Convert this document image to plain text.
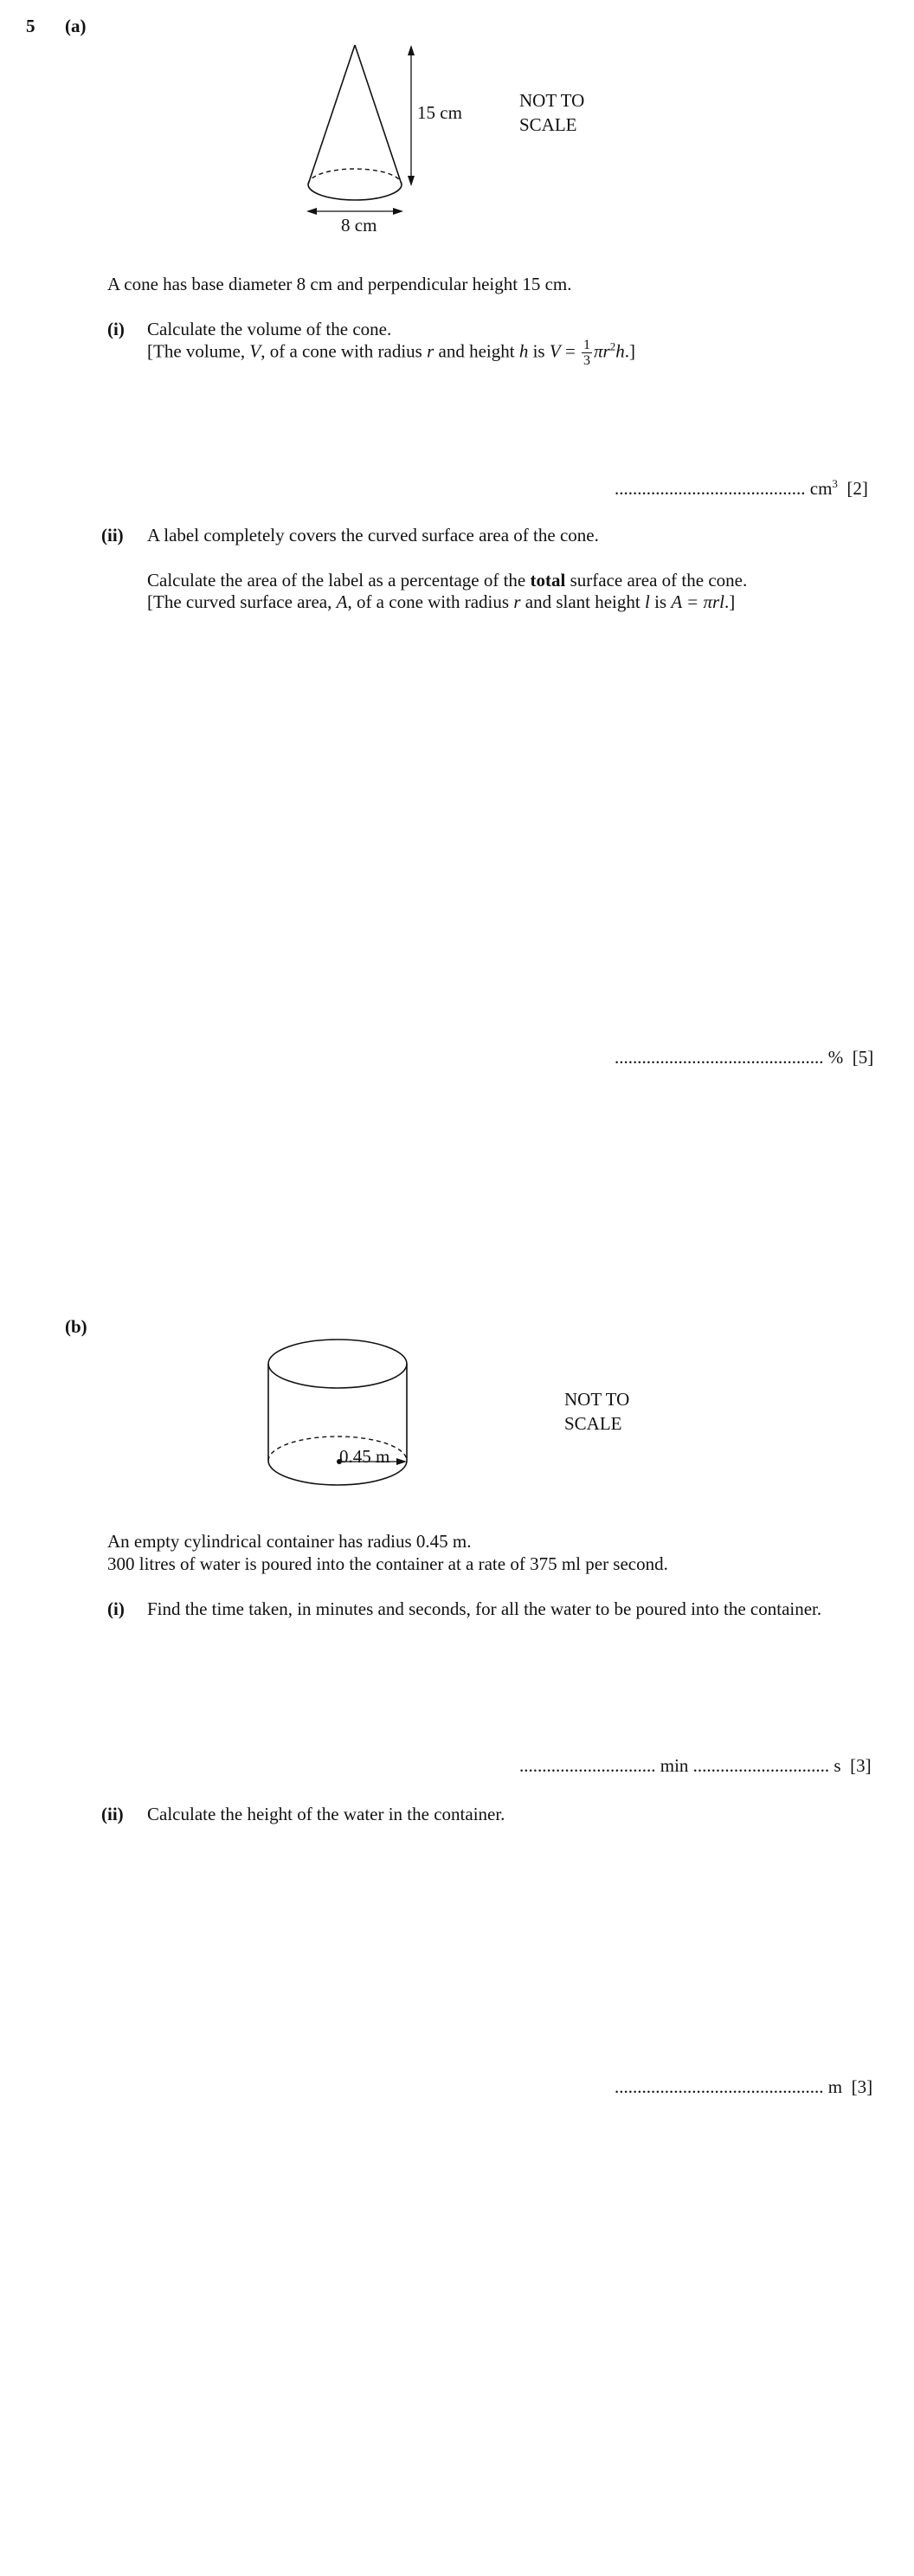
5 (a)
15 cm
8 cm
NOT TO
SCALE
A cone has base diameter 8 cm and perpendicular height 15 cm.
(i) Calculate the volume of the cone.
[The volume, V, of a cone with radius r and height h is $V = \frac{1}{3} \pi r^2h$.]
.......................................... $cm^3$ [2]
(ii) A label completely covers the curved surface area of the cone.
Calculate the area of the label as a percentage of the total surface area of the cone.
[The curved surface area, A, of a cone with radius r and slant height l is A = πrl.]
.............................................. % [5]
(b)
0.45 m
NOT TO
SCALE
An empty cylindrical container has radius 0.45 m.
300 litres of water is poured into the container at a rate of 375 ml per second.
(i) Find the time taken, in minutes and seconds, for all the water to be poured into the container.
.............................. min .............................. s [3]
(ii) Calculate the height of the water in the container.
.............................................. m [3]
